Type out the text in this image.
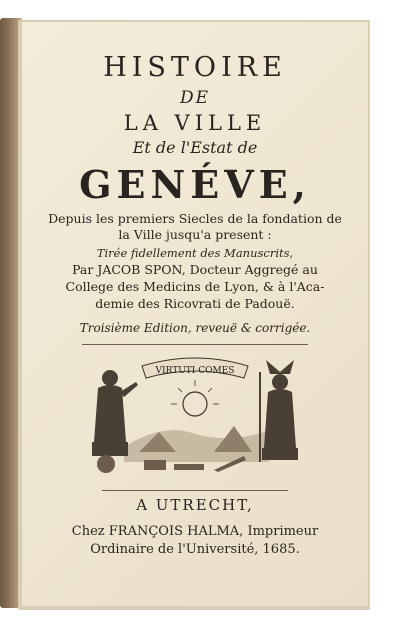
HISTOIRE
DE
LA VILLE
Et de l'Estat de
GENÉVE,
Depuis les premiers Siecles de la fondation de
la Ville jusqu'a present :
Tirée fidellement des Manuscrits,
Par JACOB SPON, Docteur Aggregé au
College des Medicins de Lyon, & à l'Aca-
demie des Ricovrati de Padouë.
Troisième Edition, reveuë & corrigée.
VIRTUTI COMES
A UTRECHT,
Chez FRANÇOIS HALMA, Imprimeur
Ordinaire de l'Université, 1685.
